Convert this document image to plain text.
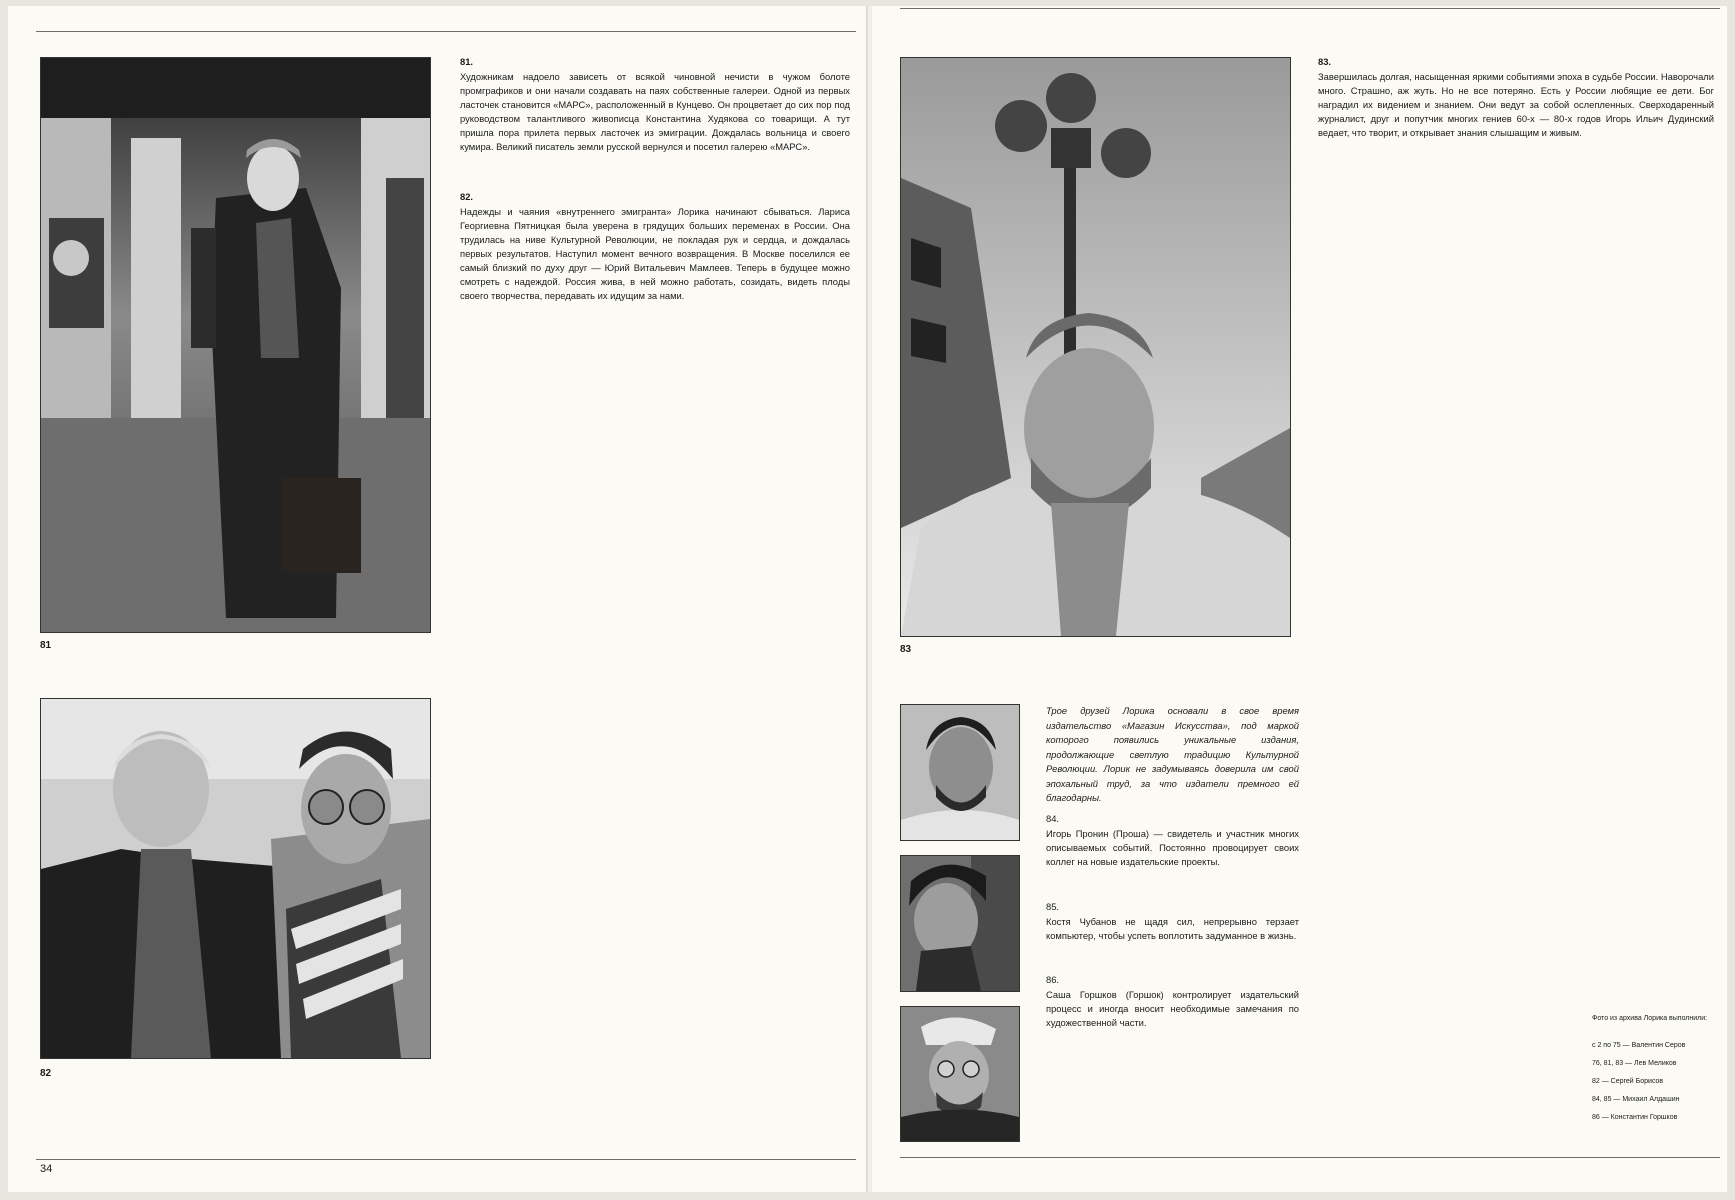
81
81.

Художникам надоело зависеть от всякой чиновной нечисти в чужом болоте промграфиков и они начали создавать на паях собственные галереи. Одной из первых ласточек становится «МАРС», расположенный в Кунцево. Он процветает до сих пор под руководством талантливого живописца Константина Худякова со товарищи. А тут пришла пора прилета первых ласточек из эмиграции. Дождалась вольница и своего кумира. Великий писатель земли русской вернулся и посетил галерею «МАРС».

82.

Надежды и чаяния «внутреннего эмигранта» Лорика начинают сбываться. Лариса Георгиевна Пятницкая была уверена в грядущих больших переменах в России. Она трудилась на ниве Культурной Революции, не покладая рук и сердца, и дождалась первых результатов. Наступил момент вечного возвращения. В Москве поселился ее самый близкий по духу друг — Юрий Витальевич Мамлеев. Теперь в будущее можно смотреть с надеждой. Россия жива, в ней можно работать, созидать, видеть плоды своего творчества, передавать их идущим за нами.

82
34
83
83.

Завершилась долгая, насыщенная яркими событиями эпоха в судьбе России. Наворочали много. Страшно, аж жуть. Но не все потеряно. Есть у России любящие ее дети. Бог наградил их видением и знанием. Они ведут за собой ослепленных. Сверходаренный журналист, друг и попутчик многих гениев 60-х — 80-х годов Игорь Ильич Дудинский ведает, что творит, и открывает знания слышащим и живым.

Трое друзей Лорика основали в свое время издательство «Магазин Искусства», под маркой которого появились уникальные издания, продолжающие светлую традицию Культурной Революции. Лорик не задумываясь доверила им свой эпохальный труд, за что издатели премного ей благодарны.
84.

Игорь Пронин (Проша) — свидетель и участник многих описываемых событий. Постоянно провоцирует своих коллег на новые издательские проекты.

85.

Костя Чубанов не щадя сил, непрерывно терзает компьютер, чтобы успеть воплотить задуманное в жизнь.

86.

Саша Горшков (Горшок) контролирует издательский процесс и иногда вносит необходимые замечания по художественной части.	Фото из архива Лорика выполнили:
с 2 по 75 — Валентин Серов
76, 81, 83 — Лев Меликов
82 — Сергей Борисов
84, 85 — Михаил Алдашин
86 — Константин Горшков
